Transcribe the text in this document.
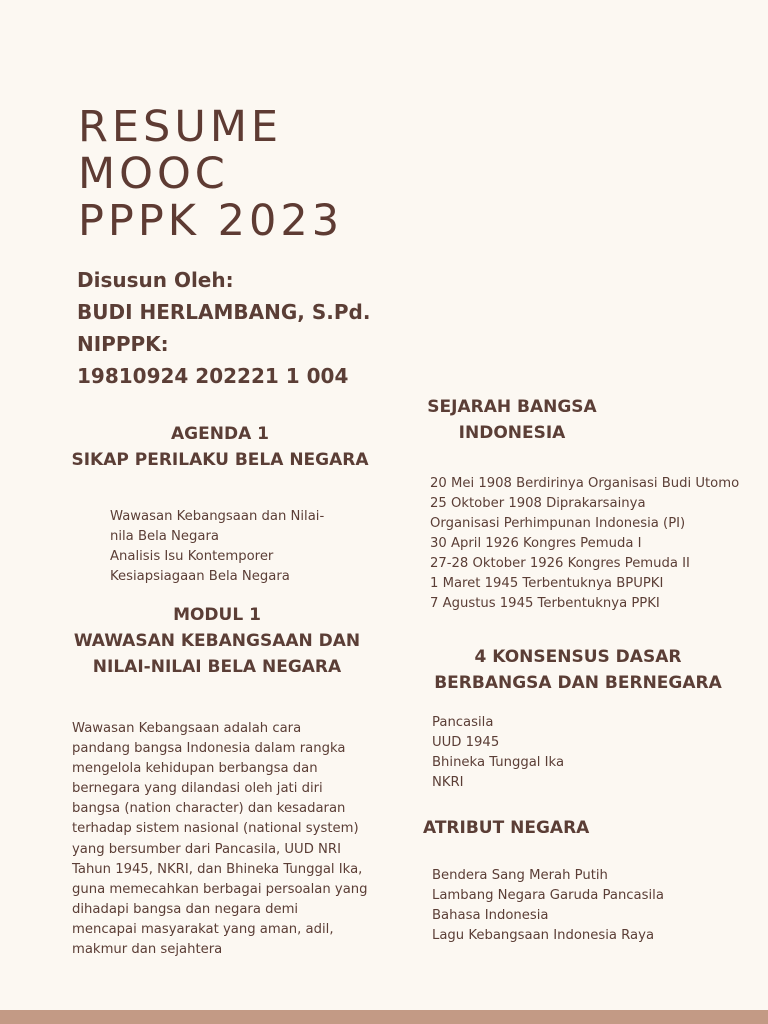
RESUME
MOOC
PPPK 2023
Disusun Oleh:
BUDI HERLAMBANG, S.Pd.
NIPPPK:
19810924 202221 1 004
AGENDA 1
SIKAP PERILAKU BELA NEGARA
Wawasan Kebangsaan dan Nilai-
nila Bela Negara
Analisis Isu Kontemporer
Kesiapsiagaan Bela Negara
MODUL 1
WAWASAN KEBANGSAAN DAN
NILAI-NILAI BELA NEGARA
Wawasan Kebangsaan adalah cara
pandang bangsa Indonesia dalam rangka
mengelola kehidupan berbangsa dan
bernegara yang dilandasi oleh jati diri
bangsa (nation character) dan kesadaran
terhadap sistem nasional (national system)
yang bersumber dari Pancasila, UUD NRI
Tahun 1945, NKRI, dan Bhineka Tunggal Ika,
guna memecahkan berbagai persoalan yang
dihadapi bangsa dan negara demi
mencapai masyarakat yang aman, adil,
makmur dan sejahtera
SEJARAH BANGSA
INDONESIA
20 Mei 1908 Berdirinya Organisasi Budi Utomo
25 Oktober 1908 Diprakarsainya
Organisasi Perhimpunan Indonesia (PI)
30 April 1926 Kongres Pemuda I
27-28 Oktober 1926 Kongres Pemuda II
1 Maret 1945 Terbentuknya BPUPKI
7 Agustus 1945 Terbentuknya PPKI
4 KONSENSUS DASAR
BERBANGSA DAN BERNEGARA
Pancasila
UUD 1945
Bhineka Tunggal Ika
NKRI
ATRIBUT NEGARA
Bendera Sang Merah Putih
Lambang Negara Garuda Pancasila
Bahasa Indonesia
Lagu Kebangsaan Indonesia Raya
